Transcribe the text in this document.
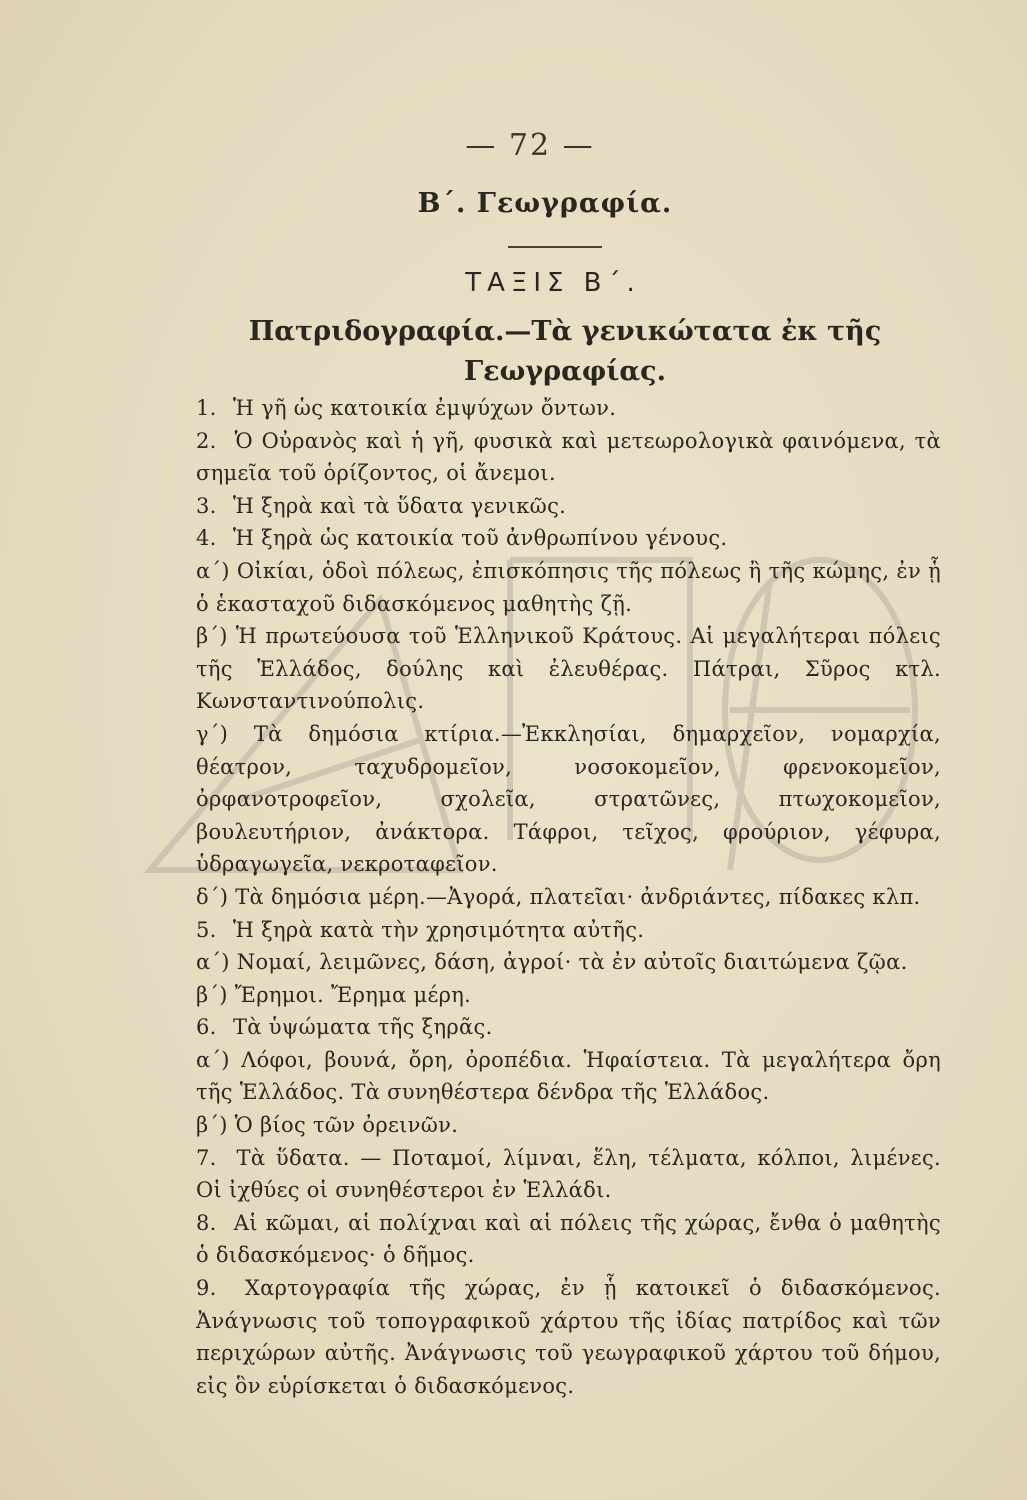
— 72 —
Β΄. Γεωγραφία.
ΤΑΞΙΣ Β΄.
Πατριδογραφία.—Τὰ γενικώτατα ἐκ τῆς Γεωγραφίας.
1. Ἡ γῆ ὡς κατοικία ἐμψύχων ὄντων.
2. Ὁ Οὐρανὸς καὶ ἡ γῆ, φυσικὰ καὶ μετεωρολογικὰ φαινόμενα, τὰ σημεῖα τοῦ ὁρίζοντος, οἱ ἄνεμοι.
3. Ἡ ξηρὰ καὶ τὰ ὕδατα γενικῶς.
4. Ἡ ξηρὰ ὡς κατοικία τοῦ ἀνθρωπίνου γένους.
α΄) Οἰκίαι, ὁδοὶ πόλεως, ἐπισκόπησις τῆς πόλεως ἢ τῆς κώμης, ἐν ᾗ ὁ ἑκασταχοῦ διδασκόμενος μαθητὴς ζῇ.
β΄) Ἡ πρωτεύουσα τοῦ Ἑλληνικοῦ Κράτους. Αἱ μεγαλήτεραι πόλεις τῆς Ἑλλάδος, δούλης καὶ ἐλευθέρας. Πάτραι, Σῦρος κτλ. Κωνσταντινούπολις.
γ΄) Τὰ δημόσια κτίρια.—Ἐκκλησίαι, δημαρχεῖον, νομαρχία, θέατρον, ταχυδρομεῖον, νοσοκομεῖον, φρενοκομεῖον, ὀρφανοτροφεῖον, σχολεῖα, στρατῶνες, πτωχοκομεῖον, βουλευτήριον, ἀνάκτορα. Τάφροι, τεῖχος, φρούριον, γέφυρα, ὑδραγωγεῖα, νεκροταφεῖον.
δ΄) Τὰ δημόσια μέρη.—Ἀγορά, πλατεῖαι· ἀνδριάντες, πίδακες κλπ.
5. Ἡ ξηρὰ κατὰ τὴν χρησιμότητα αὐτῆς.
α΄) Νομαί, λειμῶνες, δάση, ἀγροί· τὰ ἐν αὐτοῖς διαιτώμενα ζῷα.
β΄) Ἔρημοι. Ἔρημα μέρη.
6. Τὰ ὑψώματα τῆς ξηρᾶς.
α΄) Λόφοι, βουνά, ὄρη, ὀροπέδια. Ἡφαίστεια. Τὰ μεγαλήτερα ὄρη τῆς Ἑλλάδος. Τὰ συνηθέστερα δένδρα τῆς Ἑλλάδος.
β΄) Ὁ βίος τῶν ὀρεινῶν.
7. Τὰ ὕδατα. — Ποταμοί, λίμναι, ἕλη, τέλματα, κόλποι, λιμένες. Οἱ ἰχθύες οἱ συνηθέστεροι ἐν Ἑλλάδι.
8. Αἱ κῶμαι, αἱ πολίχναι καὶ αἱ πόλεις τῆς χώρας, ἔνθα ὁ μαθητὴς ὁ διδασκόμενος· ὁ δῆμος.
9. Χαρτογραφία τῆς χώρας, ἐν ᾗ κατοικεῖ ὁ διδασκόμενος. Ἀνάγνωσις τοῦ τοπογραφικοῦ χάρτου τῆς ἰδίας πατρίδος καὶ τῶν περιχώρων αὐτῆς. Ἀνάγνωσις τοῦ γεωγραφικοῦ χάρτου τοῦ δήμου, εἰς ὃν εὑρίσκεται ὁ διδασκόμενος.
